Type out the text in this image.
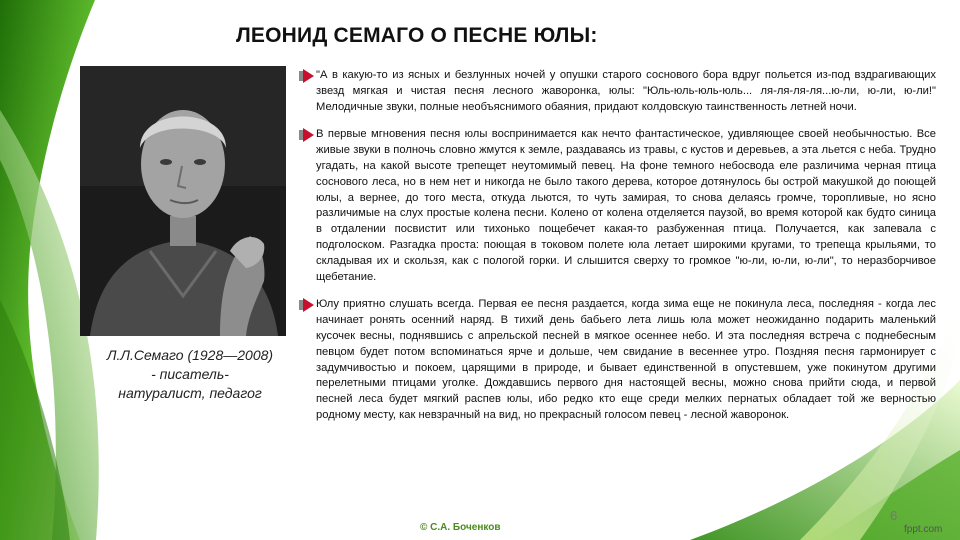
ЛЕОНИД СЕМАГО О ПЕСНЕ ЮЛЫ:
Л.Л.Семаго (1928—2008)
- писатель-
натуралист, педагог
"А в какую-то из ясных и безлунных ночей у опушки старого соснового бора вдруг польется из-под вздрагивающих звезд мягкая и чистая песня лесного жаворонка, юлы: "Юль-юль-юль-юль... ля-ля-ля-ля...ю-ли, ю-ли, ю-ли!" Мелодичные звуки, полные необъяснимого обаяния, придают колдовскую таинственность летней ночи.
В первые мгновения песня юлы воспринимается как нечто фантастическое, удивляющее своей необычностью. Все живые звуки в полночь словно жмутся к земле, раздаваясь из травы, с кустов и деревьев, а эта льется с неба. Трудно угадать, на какой высоте трепещет неутомимый певец. На фоне темного небосвода еле различима черная птица соснового леса, но в нем нет и никогда не было такого дерева, которое дотянулось бы острой макушкой до поющей юлы, а вернее, до того места, откуда льются, то чуть замирая, то снова делаясь громче, торопливые, но ясно различимые на слух простые колена песни. Колено от колена отделяется паузой, во время которой как будто синица в отдалении посвистит или тихонько пощебечет какая-то разбуженная птица. Получается, как запевала с подголоском. Разгадка проста: поющая в токовом полете юла летает широкими кругами, то трепеща крыльями, то складывая их и скользя, как с пологой горки. И слышится сверху то громкое "ю-ли, ю-ли, ю-ли", то неразборчивое щебетание.
Юлу приятно слушать всегда. Первая ее песня раздается, когда зима еще не покинула леса, последняя - когда лес начинает ронять осенний наряд. В тихий день бабьего лета лишь юла может неожиданно подарить маленький кусочек весны, поднявшись с апрельской песней в мягкое осеннее небо. И эта последняя встреча с поднебесным певцом будет потом вспоминаться ярче и дольше, чем свидание в весеннее утро. Поздняя песня гармонирует с задумчивостью и покоем, царящими в природе, и бывает единственной в опустевшем, уже покинутом другими перелетными птицами уголке. Дождавшись первого дня настоящей весны, можно снова прийти сюда, и первой песней леса будет мягкий распев юлы, ибо редко кто еще среди мелких пернатых обладает той же верностью родному месту, как невзрачный на вид, но прекрасный голосом певец - лесной жаворонок.
6
© С.А. Боченков	fppt.com
